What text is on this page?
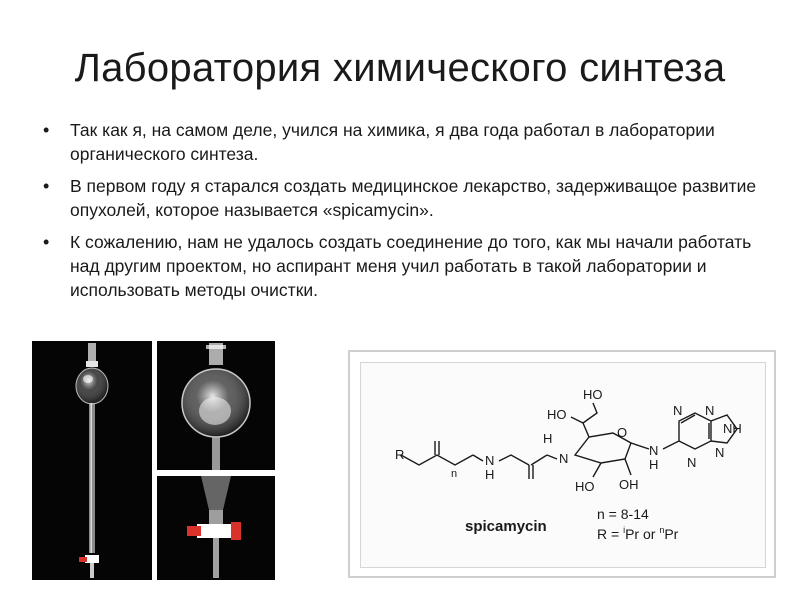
Лаборатория химического синтеза
• Так как я, на самом деле, учился на химика, я два года работал в лаборатории органического синтеза.
• В первом году я старался создать медицинское лекарство, задерживащое развитие опухолей, которое называется «spicamycin».
• К сожалению, нам не удалось создать соединение до того, как мы начали работать над другим проектом, но аспирант меня учил работать в такой лаборатории и использовать методы очистки.
R
n
N
H
N
H
HO
HO
HO OH
O
N
H
N N
N
NH
N
spicamycin
n = 8-14
R = $^i$Pr or $^n$Pr
